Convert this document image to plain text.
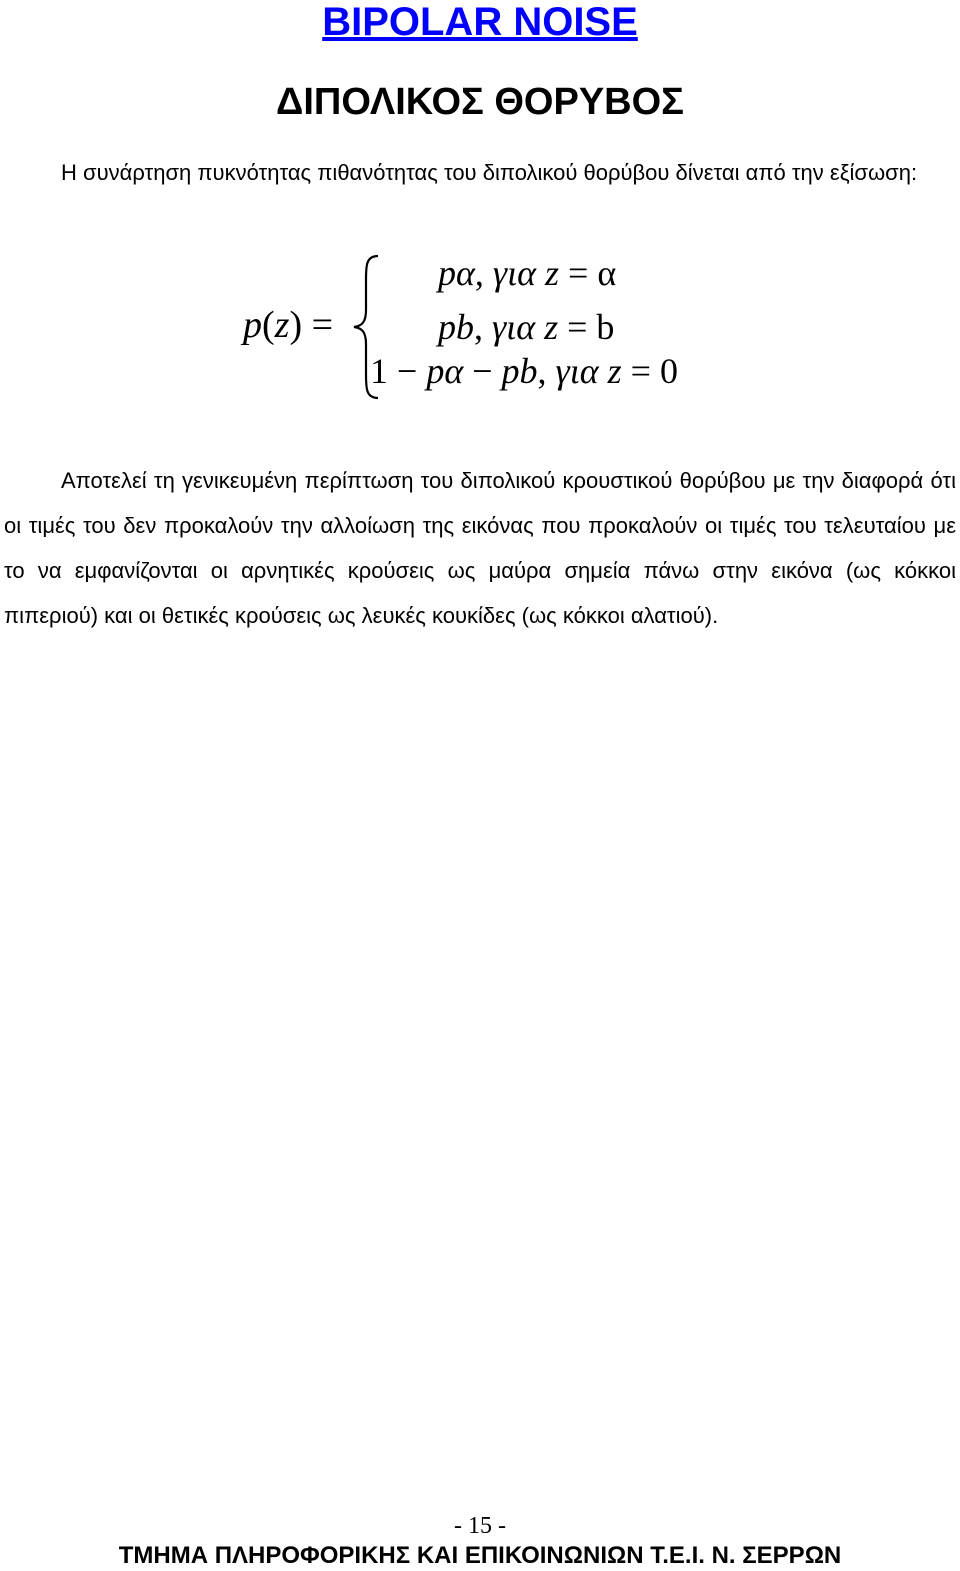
BIPOLAR NOISE
ΔΙΠΟΛΙΚΟΣ ΘΟΡΥΒΟΣ
Η συνάρτηση πυκνότητας πιθανότητας του διπολικού θορύβου δίνεται από την εξίσωση:
p(z) =
pα, για z = α
pb, για z = b
1 − pα − pb, για z = 0
Αποτελεί τη γενικευμένη περίπτωση του διπολικού κρουστικού θορύβου με την διαφορά ότι οι τιμές του δεν προκαλούν την αλλοίωση της εικόνας που προκαλούν οι τιμές του τελευταίου με το να εμφανίζονται οι αρνητικές κρούσεις ως μαύρα σημεία πάνω στην εικόνα (ως κόκκοι πιπεριού) και οι θετικές κρούσεις ως λευκές κουκίδες (ως κόκκοι αλατιού).
- 15 -
ΤΜΗΜΑ ΠΛΗΡΟΦΟΡΙΚΗΣ ΚΑΙ ΕΠΙΚΟΙΝΩΝΙΩΝ Τ.Ε.Ι. Ν. ΣΕΡΡΩΝ
